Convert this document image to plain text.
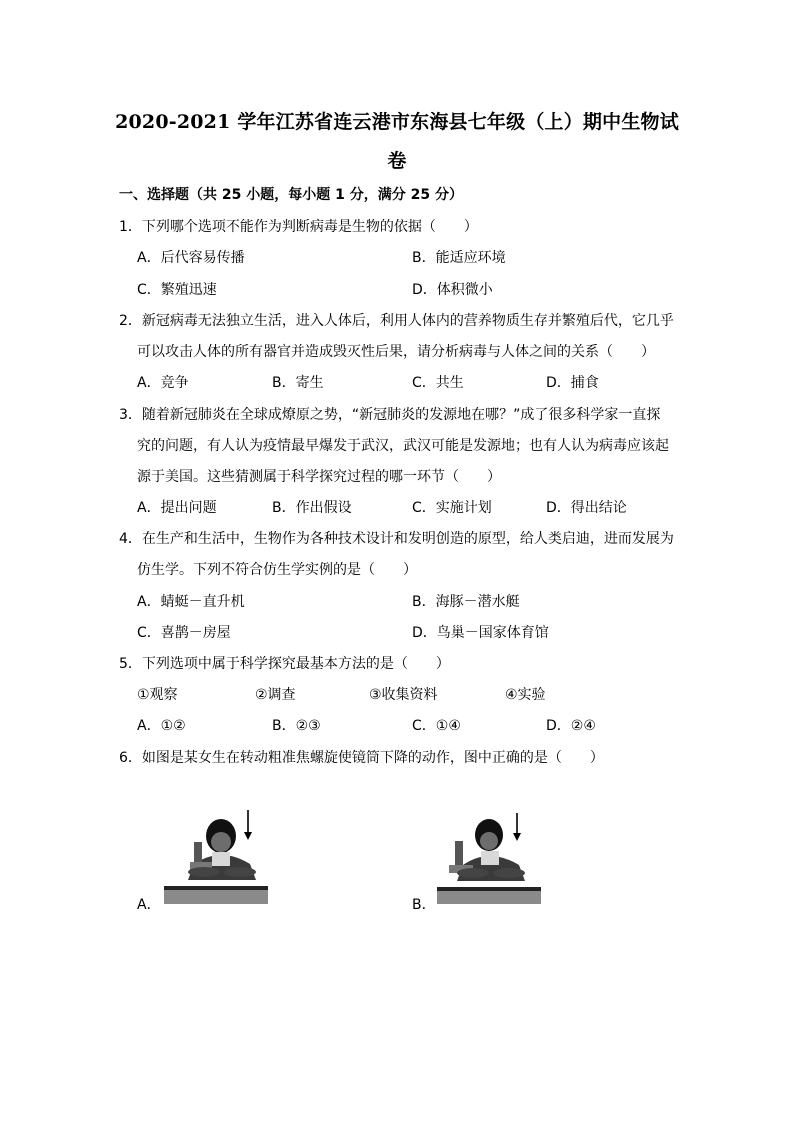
2020-2021 学年江苏省连云港市东海县七年级（上）期中生物试
卷
一、选择题（共 25 小题，每小题 1 分，满分 25 分）
1．下列哪个选项不能作为判断病毒是生物的依据（　　）
A．后代容易传播	B．能适应环境
C．繁殖迅速	D．体积微小
2．新冠病毒无法独立生活，进入人体后，利用人体内的营养物质生存并繁殖后代，它几乎
可以攻击人体的所有器官并造成毁灭性后果，请分析病毒与人体之间的关系（　　）
A．竞争	B．寄生	C．共生	D．捕食
3．随着新冠肺炎在全球成燎原之势，“新冠肺炎的发源地在哪？”成了很多科学家一直探
究的问题，有人认为疫情最早爆发于武汉，武汉可能是发源地；也有人认为病毒应该起
源于美国。这些猜测属于科学探究过程的哪一环节（　　）
A．提出问题	B．作出假设	C．实施计划	D．得出结论
4．在生产和生活中，生物作为各种技术设计和发明创造的原型，给人类启迪，进而发展为
仿生学。下列不符合仿生学实例的是（　　）
A．蜻蜓－直升机	B．海豚－潜水艇
C．喜鹊－房屋	D．鸟巢－国家体育馆
5．下列选项中属于科学探究最基本方法的是（　　）
①观察	②调查	③收集资料	④实验
A．①②	B．②③	C．①④	D．②④
6．如图是某女生在转动粗准焦螺旋使镜筒下降的动作，图中正确的是（　　）
A．	B．
